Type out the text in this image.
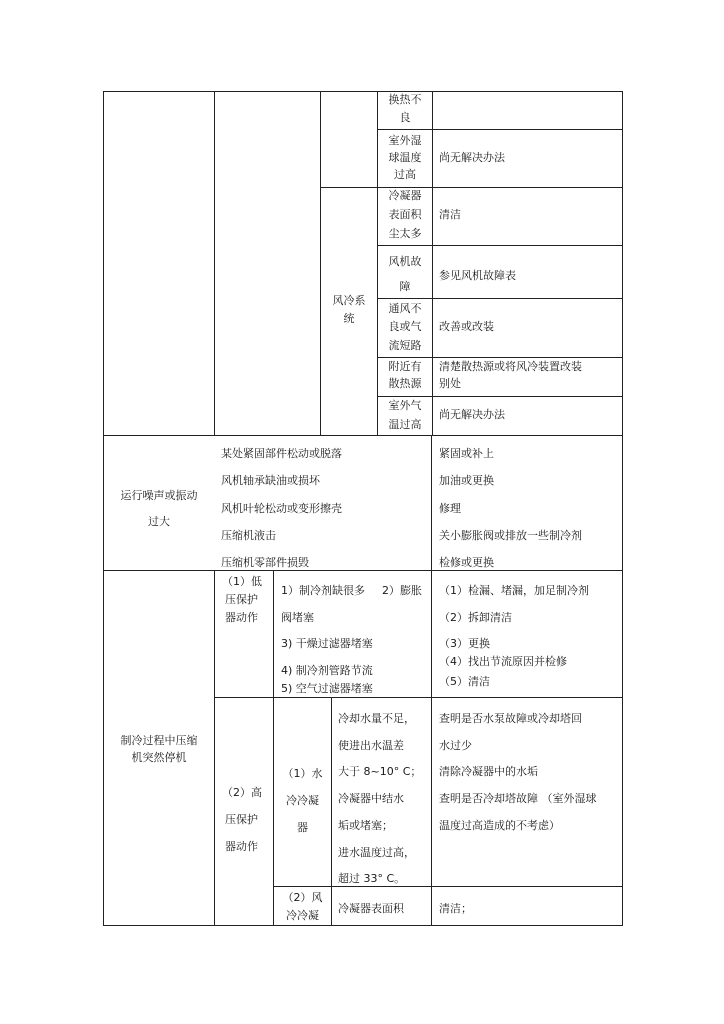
换热不
良
室外湿
球温度
过高
尚无解决办法
风冷系
统
冷凝器
表面积
尘太多
清洁
风机故
障
参见风机故障表
通风不
良或气
流短路
改善或改装
附近有
散热源
清楚散热源或将风冷装置改装
别处
室外气
温过高
尚无解决办法
运行噪声或振动
过大
某处紧固部件松动或脱落
风机轴承缺油或损坏
风机叶轮松动或变形擦壳
压缩机液击
压缩机零部件损毁
紧固或补上
加油或更换
修理
关小膨胀阀或排放一些制冷剂
检修或更换
制冷过程中压缩
机突然停机
（1）低
压保护
器动作
1）制冷剂缺很多 2）膨胀
阀堵塞
3) 干燥过滤器堵塞
4) 制冷剂管路节流
5) 空气过滤器堵塞
（1）检漏、堵漏，加足制冷剂
（2）拆卸清洁
（3）更换
（4）找出节流原因并检修
（5）清洁
（2）高
压保护
器动作
（1）水
冷冷凝
器
冷却水量不足，
使进出水温差
大于 8~10° C；
冷凝器中结水
垢或堵塞；
进水温度过高，
超过 33° C。
查明是否水泵故障或冷却塔回
水过少
清除冷凝器中的水垢
查明是否冷却塔故障 （室外湿球
温度过高造成的不考虑）
（2）风
冷冷凝
冷凝器表面积	清洁；
